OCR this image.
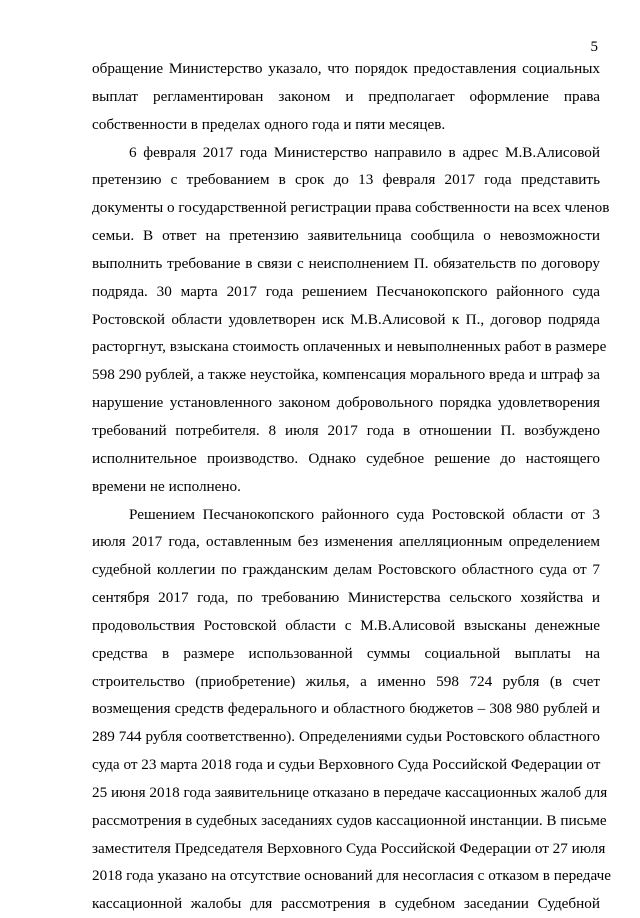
5
обращение Министерство указало, что порядок предоставления социальных
выплат регламентирован законом и предполагает оформление права
собственности в пределах одного года и пяти месяцев.
6 февраля 2017 года Министерство направило в адрес М.В.Алисовой
претензию с требованием в срок до 13 февраля 2017 года представить
документы о государственной регистрации права собственности на всех членов
семьи. В ответ на претензию заявительница сообщила о невозможности
выполнить требование в связи с неисполнением П. обязательств по договору
подряда. 30 марта 2017 года решением Песчанокопского районного суда
Ростовской области удовлетворен иск М.В.Алисовой к П., договор подряда
расторгнут, взыскана стоимость оплаченных и невыполненных работ в размере
598 290 рублей, а также неустойка, компенсация морального вреда и штраф за
нарушение установленного законом добровольного порядка удовлетворения
требований потребителя. 8 июля 2017 года в отношении П. возбуждено
исполнительное производство. Однако судебное решение до настоящего
времени не исполнено.
Решением Песчанокопского районного суда Ростовской области от 3
июля 2017 года, оставленным без изменения апелляционным определением
судебной коллегии по гражданским делам Ростовского областного суда от 7
сентября 2017 года, по требованию Министерства сельского хозяйства и
продовольствия Ростовской области с М.В.Алисовой взысканы денежные
средства в размере использованной суммы социальной выплаты на
строительство (приобретение) жилья, а именно 598 724 рубля (в счет
возмещения средств федерального и областного бюджетов – 308 980 рублей и
289 744 рубля соответственно). Определениями судьи Ростовского областного
суда от 23 марта 2018 года и судьи Верховного Суда Российской Федерации от
25 июня 2018 года заявительнице отказано в передаче кассационных жалоб для
рассмотрения в судебных заседаниях судов кассационной инстанции. В письме
заместителя Председателя Верховного Суда Российской Федерации от 27 июля
2018 года указано на отсутствие оснований для несогласия с отказом в передаче
кассационной жалобы для рассмотрения в судебном заседании Судебной
